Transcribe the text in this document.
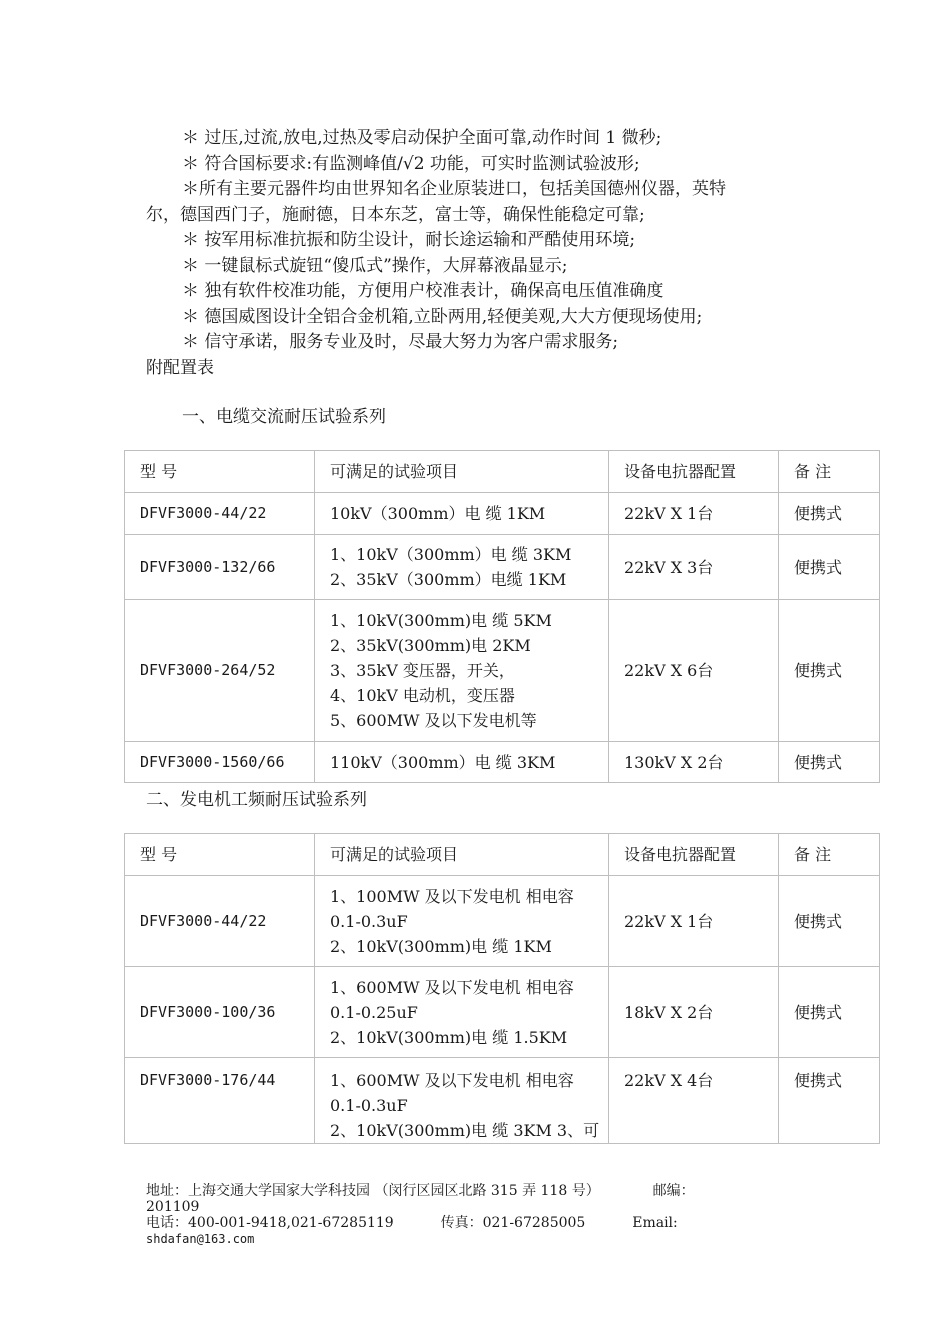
＊ 过压,过流,放电,过热及零启动保护全面可靠,动作时间 1 微秒;

＊ 符合国标要求:有监测峰值/√2 功能，可实时监测试验波形;

＊所有主要元器件均由世界知名企业原装进口，包括美国德州仪器，英特

尔，德国西门子，施耐德，日本东芝，富士等，确保性能稳定可靠;

＊ 按军用标准抗振和防尘设计，耐长途运输和严酷使用环境;

＊ 一键鼠标式旋钮“傻瓜式”操作，大屏幕液晶显示;

＊ 独有软件校准功能，方便用户校准表计，确保高电压值准确度

＊ 德国威图设计全铝合金机箱,立卧两用,轻便美观,大大方便现场使用;

＊ 信守承诺，服务专业及时，尽最大努力为客户需求服务;

附配置表

一、电缆交流耐压试验系列
型 号	可满足的试验项目	设备电抗器配置	备 注
DFVF3000-44/22	10kV（300mm）电 缆 1KM	22kV X 1台	便携式
DFVF3000-132/66	1、10kV（300mm）电 缆 3KM
2、35kV（300mm）电缆 1KM	22kV X 3台	便携式
DFVF3000-264/52	1、10kV(300mm)电 缆 5KM
2、35kV(300mm)电 2KM
3、35kV 变压器，开关，
4、10kV 电动机，变压器
5、600MW 及以下发电机等	22kV X 6台	便携式
DFVF3000-1560/66	110kV（300mm）电 缆 3KM	130kV X 2台	便携式
二、发电机工频耐压试验系列
型 号	可满足的试验项目	设备电抗器配置	备 注
DFVF3000-44/22	1、100MW 及以下发电机 相电容
0.1-0.3uF
2、10kV(300mm)电 缆 1KM	22kV X 1台	便携式
DFVF3000-100/36	1、600MW 及以下发电机 相电容
0.1-0.25uF
2、10kV(300mm)电 缆 1.5KM	18kV X 2台	便携式
DFVF3000-176/44	1、600MW 及以下发电机 相电容
0.1-0.3uF
2、10kV(300mm)电 缆 3KM 3、可	22kV X 4台	便携式
地址：上海交通大学国家大学科技园 （闵行区园区北路 315 弄 118 号）	邮编：
201109
电话：400-001-9418,021-67285119	传真：021-67285005	Email:
shdafan@163.com
